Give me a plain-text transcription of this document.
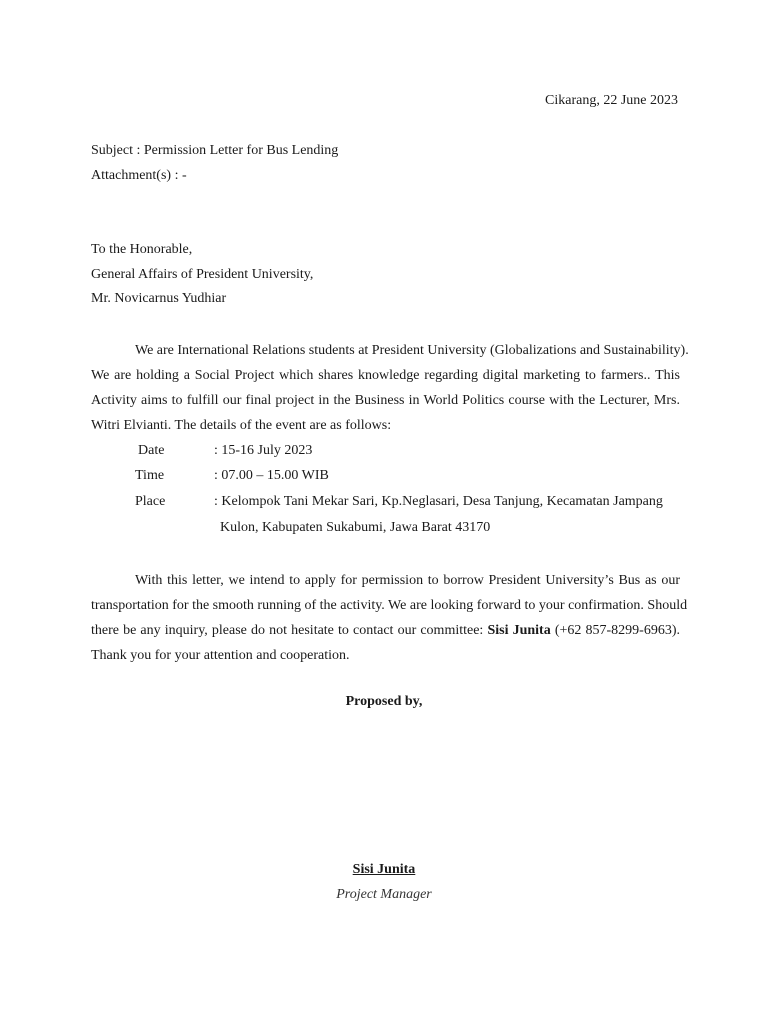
Cikarang, 22 June 2023
Subject : Permission Letter for Bus Lending
Attachment(s) : -
To the Honorable,
General Affairs of President University,
Mr. Novicarnus Yudhiar
We are International Relations students at President University (Globalizations and Sustainability).
We are holding a Social Project which shares knowledge regarding digital marketing to farmers.. This
Activity aims to fulfill our final project in the Business in World Politics course with the Lecturer, Mrs.
Witri Elvianti. The details of the event are as follows:
Date	: 15-16 July 2023
Time	: 07.00 – 15.00 WIB
Place	: Kelompok Tani Mekar Sari, Kp.Neglasari, Desa Tanjung, Kecamatan Jampang
Kulon, Kabupaten Sukabumi, Jawa Barat 43170
With this letter, we intend to apply for permission to borrow President University’s Bus as our
transportation for the smooth running of the activity. We are looking forward to your confirmation. Should
there be any inquiry, please do not hesitate to contact our committee: Sisi Junita (+62 857-8299-6963).
Thank you for your attention and cooperation.
Proposed by,
Sisi Junita
Project Manager
